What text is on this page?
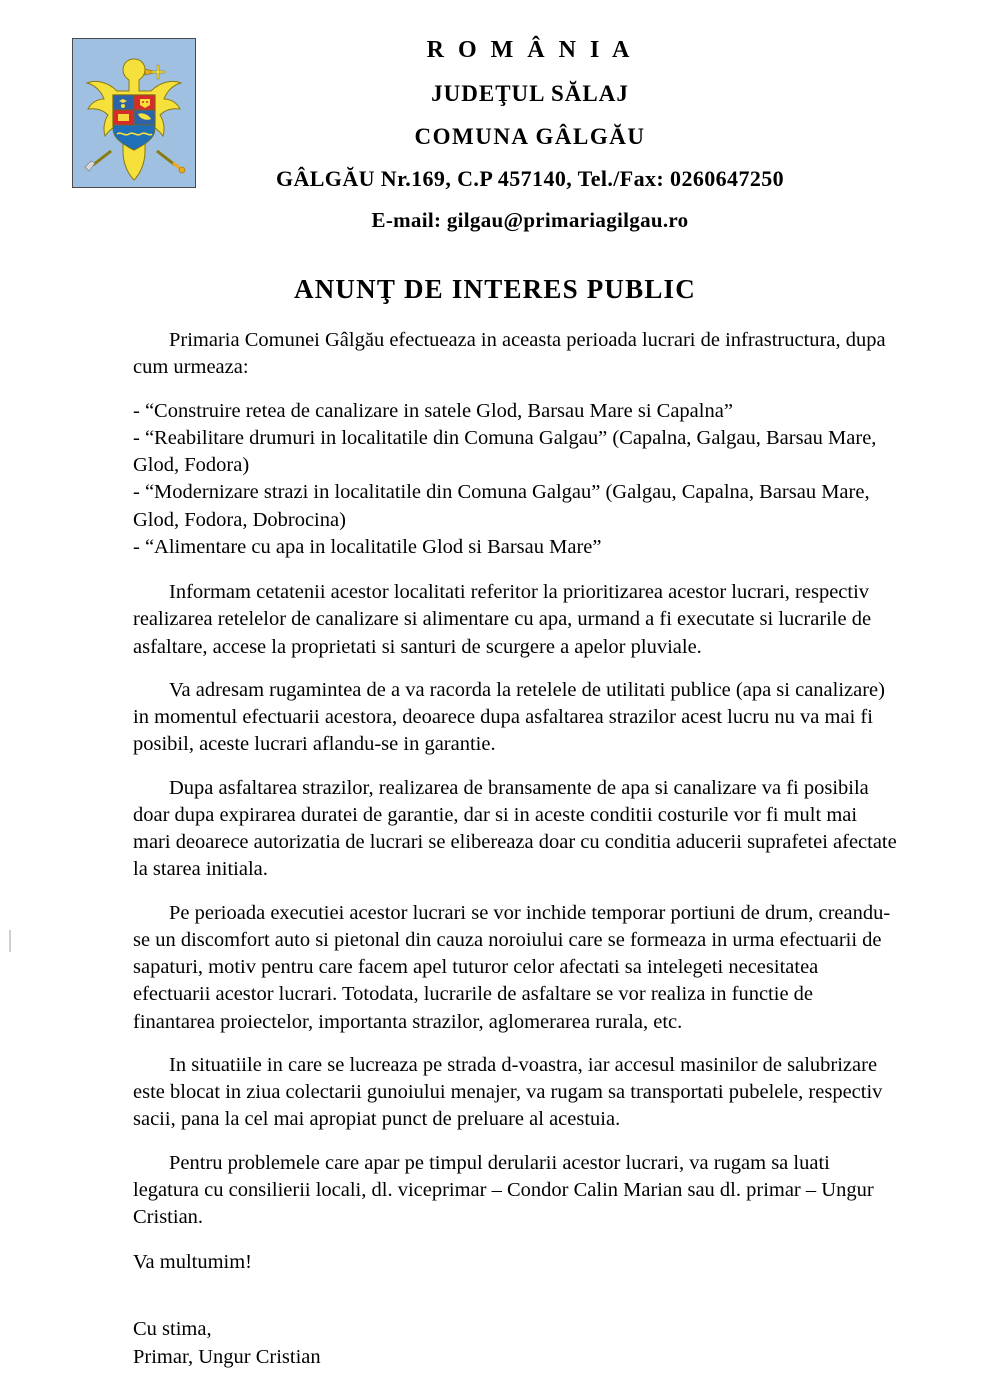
R O M Â N I A
JUDEŢUL SĂLAJ
COMUNA GÂLGĂU
GÂLGĂU Nr.169, C.P 457140, Tel./Fax: 0260647250
E-mail: gilgau@primariagilgau.ro
ANUNŢ DE INTERES PUBLIC

Primaria Comunei Gâlgău efectueaza in aceasta perioada lucrari de infrastructura, dupa cum urmeaza:

- “Construire retea de canalizare in satele Glod, Barsau Mare si Capalna”

- “Reabilitare drumuri in localitatile din Comuna Galgau” (Capalna, Galgau, Barsau Mare, Glod, Fodora)

- “Modernizare strazi in localitatile din Comuna Galgau” (Galgau, Capalna, Barsau Mare, Glod, Fodora, Dobrocina)

- “Alimentare cu apa in localitatile Glod si Barsau Mare”

Informam cetatenii acestor localitati referitor la prioritizarea acestor lucrari, respectiv realizarea retelelor de canalizare si alimentare cu apa, urmand a fi executate si lucrarile de asfaltare, accese la proprietati si santuri de scurgere a apelor pluviale.

Va adresam rugamintea de a va racorda la retelele de utilitati publice (apa si canalizare) in momentul efectuarii acestora, deoarece dupa asfaltarea strazilor acest lucru nu va mai fi posibil, aceste lucrari aflandu-se in garantie.

Dupa asfaltarea strazilor, realizarea de bransamente de apa si canalizare va fi posibila doar dupa expirarea duratei de garantie, dar si in aceste conditii costurile vor fi mult mai mari deoarece autorizatia de lucrari se elibereaza doar cu conditia aducerii suprafetei afectate la starea initiala.

Pe perioada executiei acestor lucrari se vor inchide temporar portiuni de drum, creandu-se un discomfort auto si pietonal din cauza noroiului care se formeaza in urma efectuarii de sapaturi, motiv pentru care facem apel tuturor celor afectati sa intelegeti necesitatea efectuarii acestor lucrari. Totodata, lucrarile de asfaltare se vor realiza in functie de finantarea proiectelor, importanta strazilor, aglomerarea rurala, etc.

In situatiile in care se lucreaza pe strada d-voastra, iar accesul masinilor de salubrizare este blocat in ziua colectarii gunoiului menajer, va rugam sa transportati pubelele, respectiv sacii, pana la cel mai apropiat punct de preluare al acestuia.

Pentru problemele care apar pe timpul derularii acestor lucrari, va rugam sa luati legatura cu consilierii locali, dl. viceprimar – Condor Calin Marian sau dl. primar – Ungur Cristian.

Va multumim!
Cu stima,
Primar, Ungur Cristian
